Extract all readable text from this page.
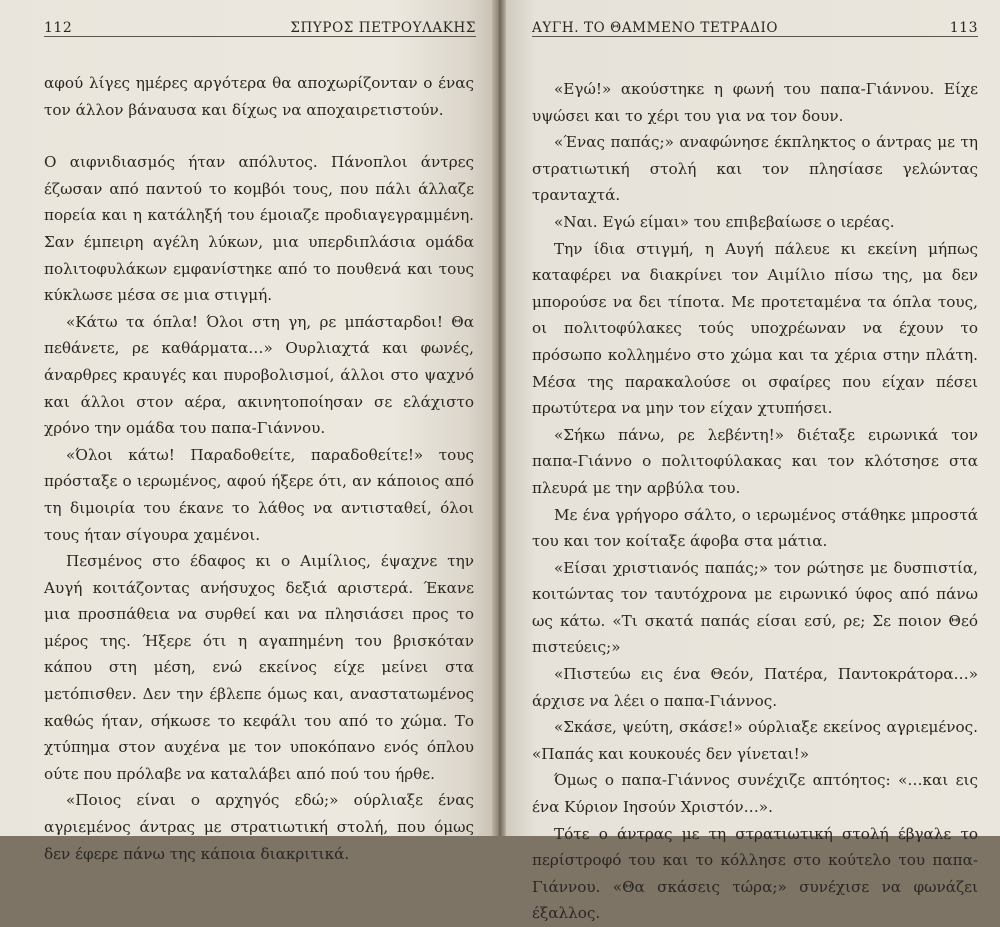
112	ΣΠΥΡΟΣ ΠΕΤΡΟΥΛΑΚΗΣ

αφού λίγες ημέρες αργότερα θα αποχωρίζονταν ο ένας τον άλλον βάναυσα και δίχως να αποχαιρετιστούν.

Ο αιφνιδιασμός ήταν απόλυτος. Πάνοπλοι άντρες έζωσαν από παντού το κομβόι τους, που πάλι άλλαζε πορεία και η κατάληξή του έμοιαζε προδιαγεγραμμένη. Σαν έμπειρη αγέλη λύκων, μια υπερδιπλάσια ομάδα πολιτοφυλάκων εμφανίστηκε από το πουθενά και τους κύκλωσε μέσα σε μια στιγμή.

«Κάτω τα όπλα! Όλοι στη γη, ρε μπάσταρδοι! Θα πεθάνετε, ρε καθάρματα…» Ουρλιαχτά και φωνές, άναρθρες κραυγές και πυροβολισμοί, άλλοι στο ψαχνό και άλλοι στον αέρα, ακινητοποίησαν σε ελάχιστο χρόνο την ομάδα του παπα-Γιάννου.

«Όλοι κάτω! Παραδοθείτε, παραδοθείτε!» τους πρόσταξε ο ιερωμένος, αφού ήξερε ότι, αν κάποιος από τη διμοιρία του έκανε το λάθος να αντισταθεί, όλοι τους ήταν σίγουρα χαμένοι.

Πεσμένος στο έδαφος κι ο Αιμίλιος, έψαχνε την Αυγή κοιτάζοντας ανήσυχος δεξιά αριστερά. Έκανε μια προσπάθεια να συρθεί και να πλησιάσει προς το μέρος της. Ήξερε ότι η αγαπημένη του βρισκόταν κάπου στη μέση, ενώ εκείνος είχε μείνει στα μετόπισθεν. Δεν την έβλεπε όμως και, αναστατωμένος καθώς ήταν, σήκωσε το κεφάλι του από το χώμα. Το χτύπημα στον αυχένα με τον υποκόπανο ενός όπλου ούτε που πρόλαβε να καταλάβει από πού του ήρθε.

«Ποιος είναι ο αρχηγός εδώ;» ούρλιαξε ένας αγριεμένος άντρας με στρατιωτική στολή, που όμως δεν έφερε πάνω της κάποια διακριτικά.

ΑΥΓΗ. ΤΟ ΘΑΜΜΕΝΟ ΤΕΤΡΑΔΙΟ	113

«Εγώ!» ακούστηκε η φωνή του παπα-Γιάννου. Είχε υψώσει και το χέρι του για να τον δουν.

«Ένας παπάς;» αναφώνησε έκπληκτος ο άντρας με τη στρατιωτική στολή και τον πλησίασε γελώντας τρανταχτά.

«Ναι. Εγώ είμαι» του επιβεβαίωσε ο ιερέας.

Την ίδια στιγμή, η Αυγή πάλευε κι εκείνη μήπως καταφέρει να διακρίνει τον Αιμίλιο πίσω της, μα δεν μπορούσε να δει τίποτα. Με προτεταμένα τα όπλα τους, οι πολιτοφύλακες τούς υποχρέωναν να έχουν το πρόσωπο κολλημένο στο χώμα και τα χέρια στην πλάτη. Μέσα της παρακαλούσε οι σφαίρες που είχαν πέσει πρωτύτερα να μην τον είχαν χτυπήσει.

«Σήκω πάνω, ρε λεβέντη!» διέταξε ειρωνικά τον παπα-Γιάννο ο πολιτοφύλακας και τον κλότσησε στα πλευρά με την αρβύλα του.

Με ένα γρήγορο σάλτο, ο ιερωμένος στάθηκε μπροστά του και τον κοίταξε άφοβα στα μάτια.

«Είσαι χριστιανός παπάς;» τον ρώτησε με δυσπιστία, κοιτώντας τον ταυτόχρονα με ειρωνικό ύφος από πάνω ως κάτω. «Τι σκατά παπάς είσαι εσύ, ρε; Σε ποιον Θεό πιστεύεις;»

«Πιστεύω εις ένα Θεόν, Πατέρα, Παντοκράτορα…» άρχισε να λέει ο παπα-Γιάννος.

«Σκάσε, ψεύτη, σκάσε!» ούρλιαξε εκείνος αγριεμένος. «Παπάς και κουκουές δεν γίνεται!»

Όμως ο παπα-Γιάννος συνέχιζε απτόητος: «…και εις ένα Κύριον Ιησούν Χριστόν…».

Τότε ο άντρας με τη στρατιωτική στολή έβγαλε το περίστροφό του και το κόλλησε στο κούτελο του παπα-Γιάννου. «Θα σκάσεις τώρα;» συνέχισε να φωνάζει έξαλλος.
